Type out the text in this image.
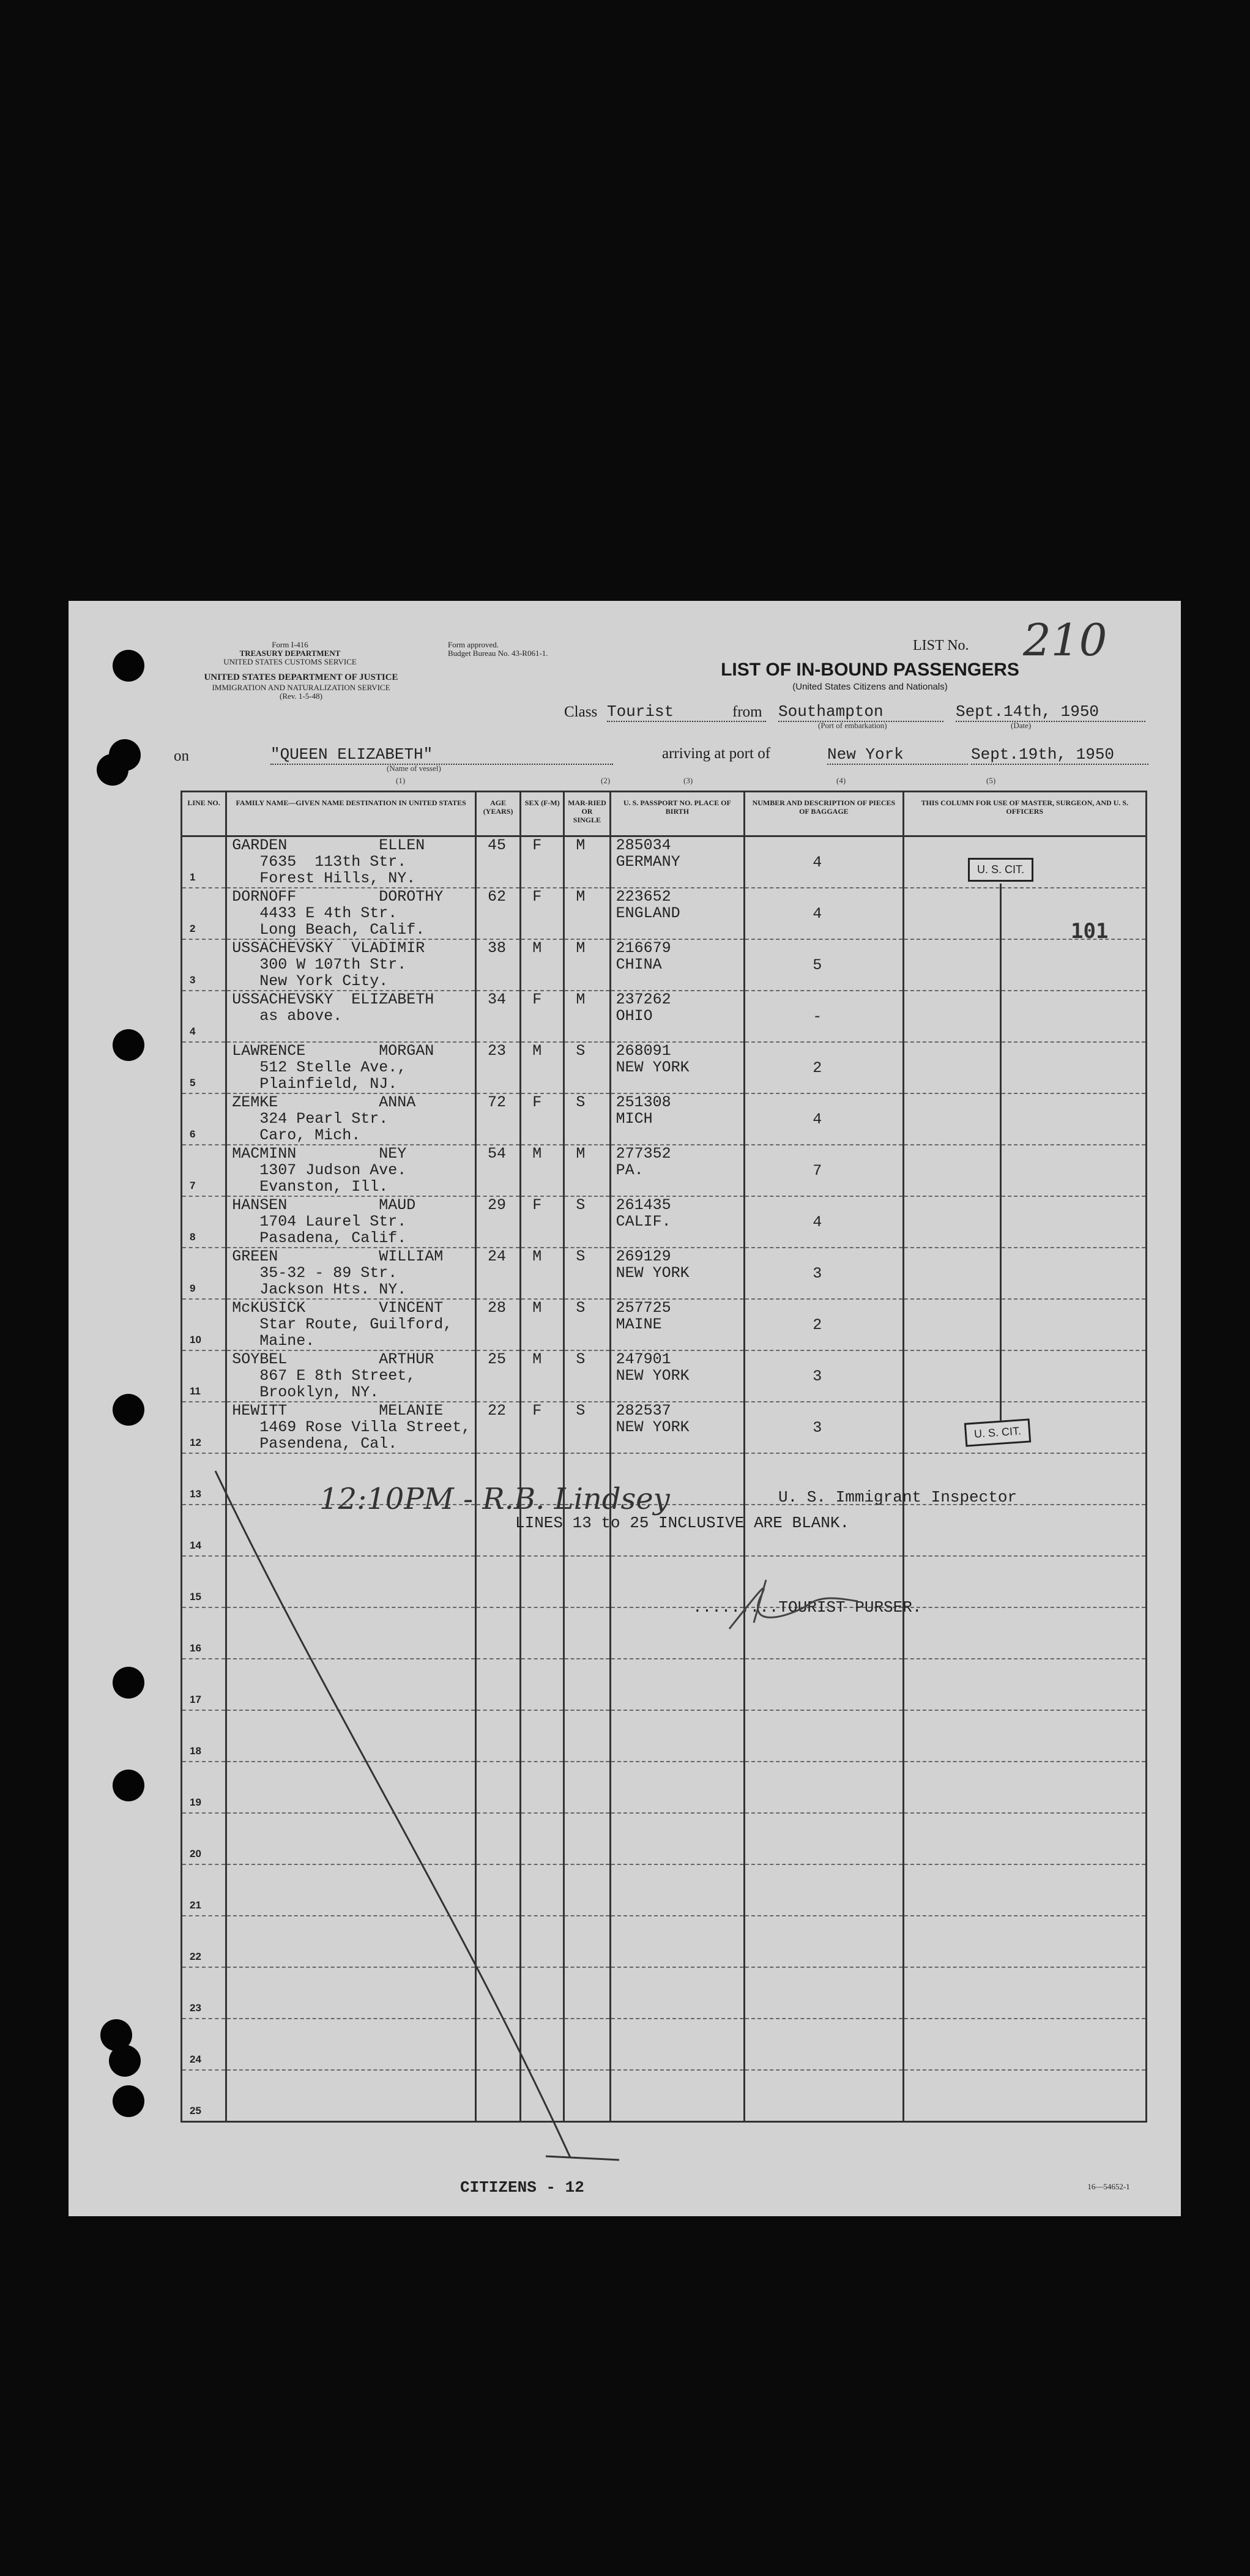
Form I-416
TREASURY DEPARTMENT
UNITED STATES CUSTOMS SERVICE
Form approved.
Budget Bureau No. 43-R061-1.
UNITED STATES DEPARTMENT OF JUSTICE
IMMIGRATION AND NATURALIZATION SERVICE
(Rev. 1-5-48)
LIST No. 210
LIST OF IN-BOUND PASSENGERS
(United States Citizens and Nationals)
Class Tourist	from Southampton
(Port of embarkation)
Sept.14th, 1950
(Date)
on	"QUEEN ELIZABETH"
(Name of vessel)
arriving at port of	New York	Sept.19th, 1950
(1)	(2)	(3)	(4)	(5)
LINE NO.	FAMILY NAME—GIVEN NAME DESTINATION IN UNITED STATES	AGE (YEARS)	SEX (F-M)	MAR-RIED OR SINGLE	U. S. PASSPORT NO. PLACE OF BIRTH	NUMBER AND DESCRIPTION OF PIECES OF BAGGAGE	THIS COLUMN FOR USE OF MASTER, SURGEON, AND U. S. OFFICERS

1	GARDEN          ELLEN
7635  113th Str.
Forest Hills, NY.	45	F	M	285034
GERMANY	4	

2	DORNOFF         DOROTHY
4433 E 4th Str.
Long Beach, Calif.	62	F	M	223652
ENGLAND	4	

3	USSACHEVSKY  VLADIMIR
300 W 107th Str.
New York City.	38	M	M	216679
CHINA	5	

4	USSACHEVSKY  ELIZABETH
as above.	34	F	M	237262
OHIO	-	

5	LAWRENCE        MORGAN
512 Stelle Ave.,
Plainfield, NJ.	23	M	S	268091
NEW YORK	2	

6	ZEMKE           ANNA
324 Pearl Str.
Caro, Mich.	72	F	S	251308
MICH	4	

7	MACMINN         NEY
1307 Judson Ave.
Evanston, Ill.	54	M	M	277352
PA.	7	

8	HANSEN          MAUD
1704 Laurel Str.
Pasadena, Calif.	29	F	S	261435
CALIF.	4	

9	GREEN           WILLIAM
35-32 - 89 Str.
Jackson Hts. NY.	24	M	S	269129
NEW YORK	3	

10	McKUSICK        VINCENT
Star Route, Guilford,
Maine.	28	M	S	257725
MAINE	2	

11	SOYBEL          ARTHUR
867 E 8th Street,
Brooklyn, NY.	25	M	S	247901
NEW YORK	3	

12	HEWITT          MELANIE
1469 Rose Villa Street,
Pasendena, Cal.	22	F	S	282537
NEW YORK	3	

13							

14							

15							

16							

17							

18							

19							

20							

21							

22							

23							

24							

25							

U. S. CIT.
U. S. CIT.
101
12:10PM - R.B. Lindsey	U. S. Immigrant Inspector
LINES 13 to 25 INCLUSIVE ARE BLANK.
.........TOURIST PURSER.
CITIZENS - 12	16—54652-1
